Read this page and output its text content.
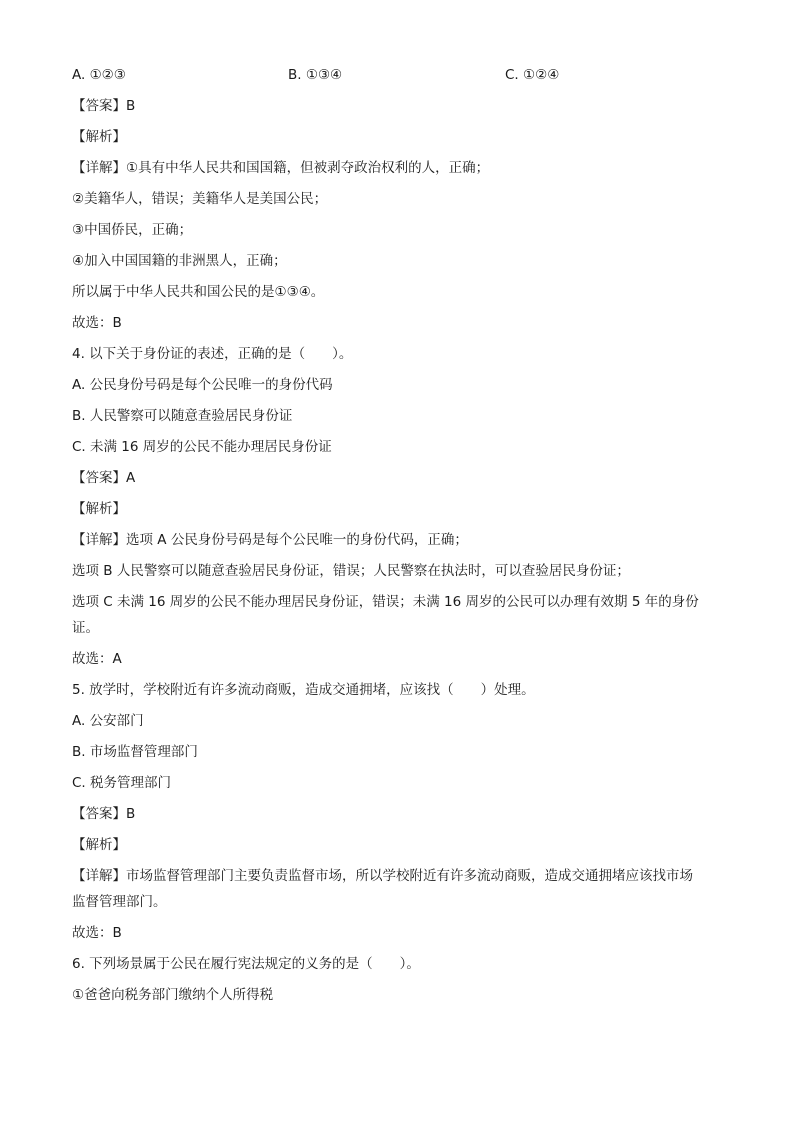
A. ①②③	B. ①③④	C. ①②④
【答案】B
【解析】
【详解】①具有中华人民共和国国籍，但被剥夺政治权利的人，正确；
②美籍华人，错误；美籍华人是美国公民；
③中国侨民，正确；
④加入中国国籍的非洲黑人，正确；
所以属于中华人民共和国公民的是①③④。
故选：B
4. 以下关于身份证的表述，正确的是（　　）。
A. 公民身份号码是每个公民唯一的身份代码
B. 人民警察可以随意查验居民身份证
C. 未满 16 周岁的公民不能办理居民身份证
【答案】A
【解析】
【详解】选项 A 公民身份号码是每个公民唯一的身份代码，正确；
选项 B 人民警察可以随意查验居民身份证，错误；人民警察在执法时，可以查验居民身份证；
选项 C 未满 16 周岁的公民不能办理居民身份证，错误；未满 16 周岁的公民可以办理有效期 5 年的身份
证。
故选：A
5. 放学时，学校附近有许多流动商贩，造成交通拥堵，应该找（　　）处理。
A. 公安部门
B. 市场监督管理部门
C. 税务管理部门
【答案】B
【解析】
【详解】市场监督管理部门主要负责监督市场，所以学校附近有许多流动商贩，造成交通拥堵应该找市场
监督管理部门。
故选：B
6. 下列场景属于公民在履行宪法规定的义务的是（　　）。
①爸爸向税务部门缴纳个人所得税
